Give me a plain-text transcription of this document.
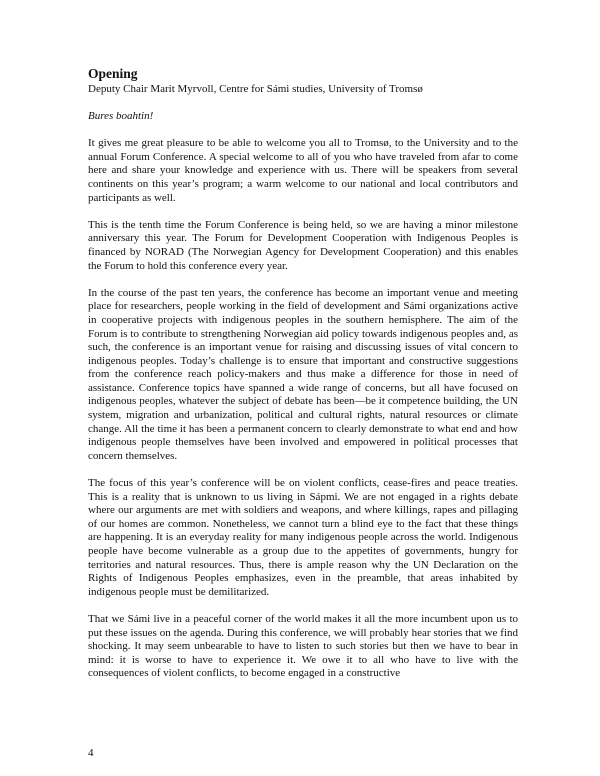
Opening
Deputy Chair Marit Myrvoll, Centre for Sámi studies, University of Tromsø

Bures boahtin!

It gives me great pleasure to be able to welcome you all to Tromsø, to the University and to the annual Forum Conference. A special welcome to all of you who have traveled from afar to come here and share your knowledge and experience with us. There will be speakers from several continents on this year’s program; a warm welcome to our national and local contributors and participants as well.

This is the tenth time the Forum Conference is being held, so we are having a minor milestone anniversary this year. The Forum for Development Cooperation with Indigenous Peoples is financed by NORAD (The Norwegian Agency for Development Cooperation) and this enables the Forum to hold this conference every year.

In the course of the past ten years, the conference has become an important venue and meeting place for researchers, people working in the field of development and Sámi organizations active in cooperative projects with indigenous peoples in the southern hemisphere. The aim of the Forum is to contribute to strengthening Norwegian aid policy towards indigenous peoples and, as such, the conference is an important venue for raising and discussing issues of vital concern to indigenous peoples. Today’s challenge is to ensure that important and constructive suggestions from the conference reach policy-makers and thus make a difference for those in need of assistance. Conference topics have spanned a wide range of concerns, but all have focused on indigenous peoples, whatever the subject of debate has been—be it competence building, the UN system, migration and urbanization, political and cultural rights, natural resources or climate change. All the time it has been a permanent concern to clearly demonstrate to what end and how indigenous people themselves have been involved and empowered in political processes that concern themselves.

The focus of this year’s conference will be on violent conflicts, cease-fires and peace treaties. This is a reality that is unknown to us living in Sápmi. We are not engaged in a rights debate where our arguments are met with soldiers and weapons, and where killings, rapes and pillaging of our homes are common. Nonetheless, we cannot turn a blind eye to the fact that these things are happening. It is an everyday reality for many indigenous people across the world. Indigenous people have become vulnerable as a group due to the appetites of governments, hungry for territories and natural resources. Thus, there is ample reason why the UN Declaration on the Rights of Indigenous Peoples emphasizes, even in the preamble, that areas inhabited by indigenous people must be demilitarized.

That we Sámi live in a peaceful corner of the world makes it all the more incumbent upon us to put these issues on the agenda. During this conference, we will probably hear stories that we find shocking. It may seem unbearable to have to listen to such stories but then we have to bear in mind: it is worse to have to experience it. We owe it to all who have to live with the consequences of violent conflicts, to become engaged in a constructive

4
